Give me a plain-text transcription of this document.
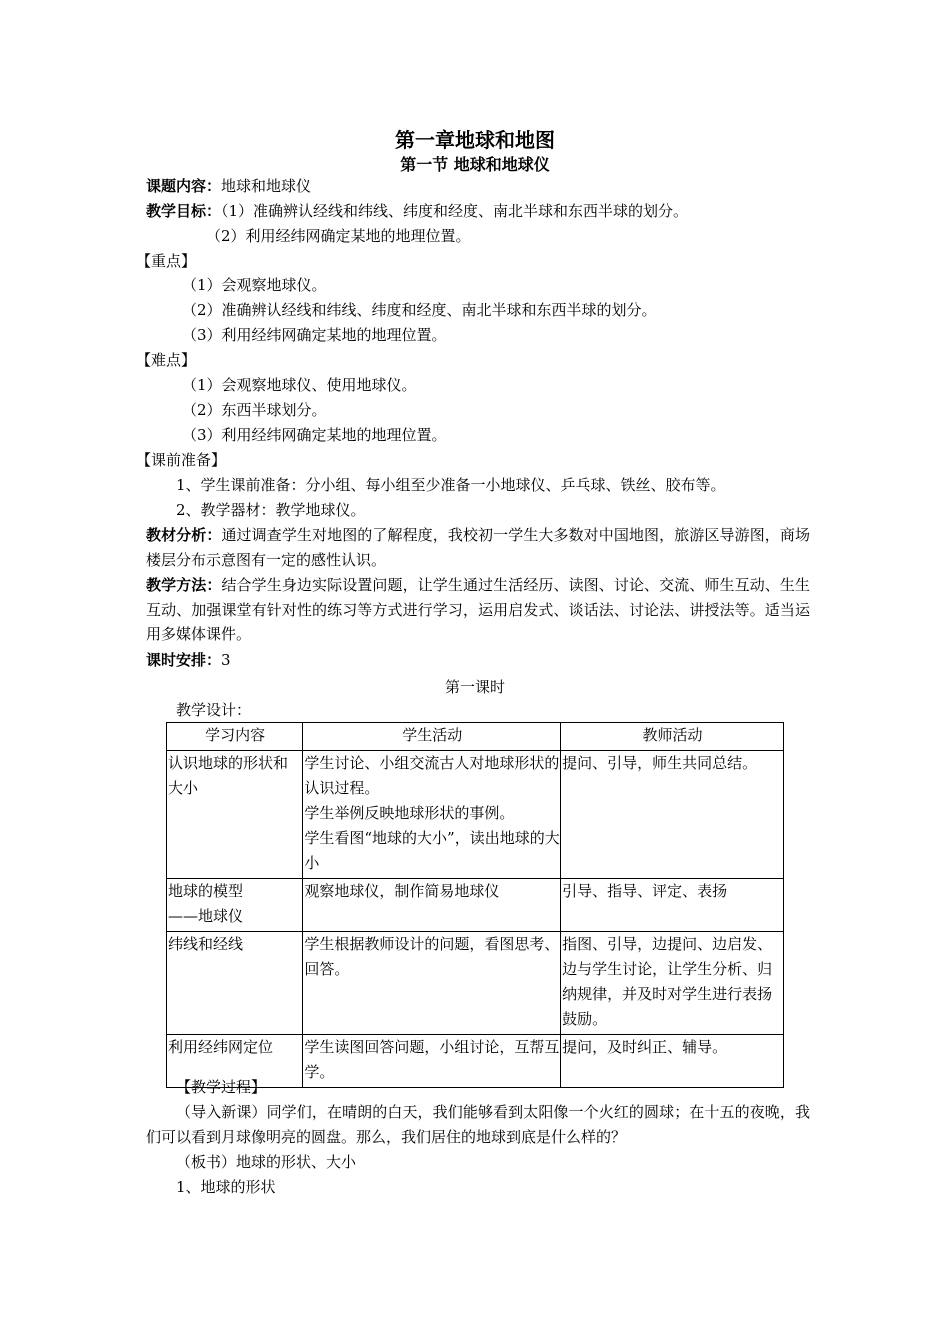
第一章地球和地图
第一节 地球和地球仪
课题内容：地球和地球仪
教学目标：（1）准确辨认经线和纬线、纬度和经度、南北半球和东西半球的划分。
（2）利用经纬网确定某地的地理位置。
【重点】
（1）会观察地球仪。
（2）准确辨认经线和纬线、纬度和经度、南北半球和东西半球的划分。
（3）利用经纬网确定某地的地理位置。
【难点】
（1）会观察地球仪、使用地球仪。
（2）东西半球划分。
（3）利用经纬网确定某地的地理位置。
【课前准备】
1、学生课前准备：分小组、每小组至少准备一小地球仪、乒乓球、铁丝、胶布等。
2、教学器材：教学地球仪。
教材分析：通过调查学生对地图的了解程度，我校初一学生大多数对中国地图，旅游区导游图，商场楼层分布示意图有一定的感性认识。
教学方法：结合学生身边实际设置问题，让学生通过生活经历、读图、讨论、交流、师生互动、生生互动、加强课堂有针对性的练习等方式进行学习，运用启发式、谈话法、讨论法、讲授法等。适当运用多媒体课件。
课时安排：3
第一课时
教学设计：
学习内容	学生活动	教师活动
认识地球的形状和大小	学生讨论、小组交流古人对地球形状的认识过程。
学生举例反映地球形状的事例。
学生看图“地球的大小”，读出地球的大小	提问、引导，师生共同总结。

地球的模型
——地球仪	观察地球仪，制作简易地球仪	引导、指导、评定、表扬
纬线和经线	学生根据教师设计的问题，看图思考、回答。	指图、引导，边提问、边启发、边与学生讨论，让学生分析、归纳规律，并及时对学生进行表扬鼓励。
利用经纬网定位	学生读图回答问题，小组讨论，互帮互学。	提问，及时纠正、辅导。
【教学过程】
（导入新课）同学们，在晴朗的白天，我们能够看到太阳像一个火红的圆球；在十五的夜晚，我们可以看到月球像明亮的圆盘。那么，我们居住的地球到底是什么样的？
（板书）地球的形状、大小
1、地球的形状
